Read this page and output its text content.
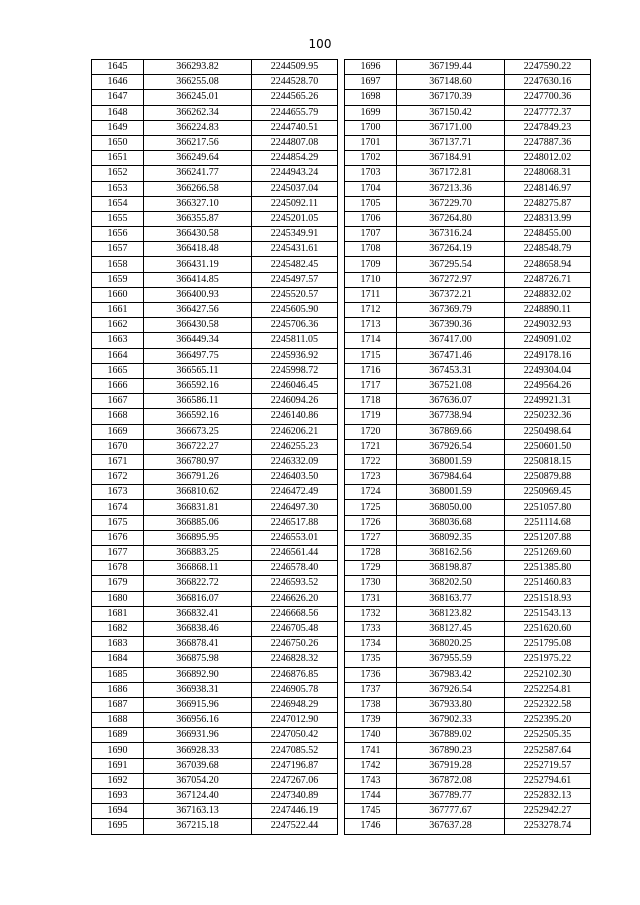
100
1645	366293.82	2244509.95
1646	366255.08	2244528.70
1647	366245.01	2244565.26
1648	366262.34	2244655.79
1649	366224.83	2244740.51
1650	366217.56	2244807.08
1651	366249.64	2244854.29
1652	366241.77	2244943.24
1653	366266.58	2245037.04
1654	366327.10	2245092.11
1655	366355.87	2245201.05
1656	366430.58	2245349.91
1657	366418.48	2245431.61
1658	366431.19	2245482.45
1659	366414.85	2245497.57
1660	366400.93	2245520.57
1661	366427.56	2245605.90
1662	366430.58	2245706.36
1663	366449.34	2245811.05
1664	366497.75	2245936.92
1665	366565.11	2245998.72
1666	366592.16	2246046.45
1667	366586.11	2246094.26
1668	366592.16	2246140.86
1669	366673.25	2246206.21
1670	366722.27	2246255.23
1671	366780.97	2246332.09
1672	366791.26	2246403.50
1673	366810.62	2246472.49
1674	366831.81	2246497.30
1675	366885.06	2246517.88
1676	366895.95	2246553.01
1677	366883.25	2246561.44
1678	366868.11	2246578.40
1679	366822.72	2246593.52
1680	366816.07	2246626.20
1681	366832.41	2246668.56
1682	366838.46	2246705.48
1683	366878.41	2246750.26
1684	366875.98	2246828.32
1685	366892.90	2246876.85
1686	366938.31	2246905.78
1687	366915.96	2246948.29
1688	366956.16	2247012.90
1689	366931.96	2247050.42
1690	366928.33	2247085.52
1691	367039.68	2247196.87
1692	367054.20	2247267.06
1693	367124.40	2247340.89
1694	367163.13	2247446.19
1695	367215.18	2247522.44
1696	367199.44	2247590.22
1697	367148.60	2247630.16
1698	367170.39	2247700.36
1699	367150.42	2247772.37
1700	367171.00	2247849.23
1701	367137.71	2247887.36
1702	367184.91	2248012.02
1703	367172.81	2248068.31
1704	367213.36	2248146.97
1705	367229.70	2248275.87
1706	367264.80	2248313.99
1707	367316.24	2248455.00
1708	367264.19	2248548.79
1709	367295.54	2248658.94
1710	367272.97	2248726.71
1711	367372.21	2248832.02
1712	367369.79	2248890.11
1713	367390.36	2249032.93
1714	367417.00	2249091.02
1715	367471.46	2249178.16
1716	367453.31	2249304.04
1717	367521.08	2249564.26
1718	367636.07	2249921.31
1719	367738.94	2250232.36
1720	367869.66	2250498.64
1721	367926.54	2250601.50
1722	368001.59	2250818.15
1723	367984.64	2250879.88
1724	368001.59	2250969.45
1725	368050.00	2251057.80
1726	368036.68	2251114.68
1727	368092.35	2251207.88
1728	368162.56	2251269.60
1729	368198.87	2251385.80
1730	368202.50	2251460.83
1731	368163.77	2251518.93
1732	368123.82	2251543.13
1733	368127.45	2251620.60
1734	368020.25	2251795.08
1735	367955.59	2251975.22
1736	367983.42	2252102.30
1737	367926.54	2252254.81
1738	367933.80	2252322.58
1739	367902.33	2252395.20
1740	367889.02	2252505.35
1741	367890.23	2252587.64
1742	367919.28	2252719.57
1743	367872.08	2252794.61
1744	367789.77	2252832.13
1745	367777.67	2252942.27
1746	367637.28	2253278.74
